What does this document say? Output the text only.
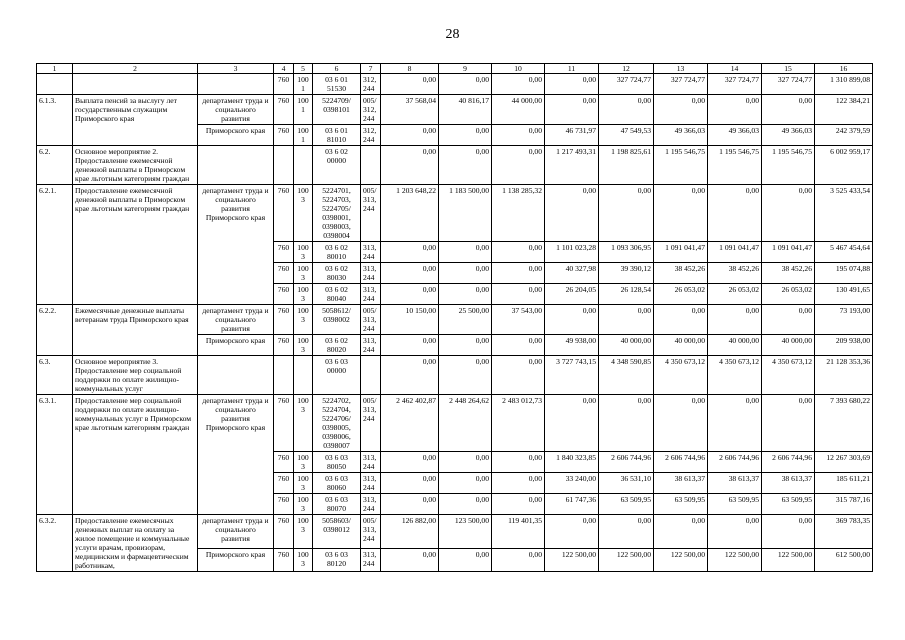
28
1	2	3	4	5	6	7	8	9	10	11	12	13	14	15	16
			760	1001	03 6 01 51530	312, 244	0,00	0,00	0,00	0,00	327 724,77	327 724,77	327 724,77	327 724,77	1 310 899,08
6.1.3.	Выплата пенсий за выслугу лет государственным служащим Приморского края	департамент труда и социального развития	760	1001	5224709/ 0398101	005/ 312, 244	37 568,04	40 816,17	44 000,00	0,00	0,00	0,00	0,00	0,00	122 384,21
		Приморского края	760	1001	03 6 01 81010	312, 244	0,00	0,00	0,00	46 731,97	47 549,53	49 366,03	49 366,03	49 366,03	242 379,59
6.2.	Основное мероприятие 2. Предоставление ежемесячной денежной выплаты в Приморском крае льготным категориям граждан				03 6 02 00000		0,00	0,00	0,00	1 217 493,31	1 198 825,61	1 195 546,75	1 195 546,75	1 195 546,75	6 002 959,17
6.2.1.	Предоставление ежемесячной денежной выплаты в Приморском крае льготным категориям граждан	департамент труда и социального развития Приморского края	760	1003	5224701, 5224703, 5224705/ 0398001, 0398003, 0398004	005/ 313, 244	1 203 648,22	1 183 500,00	1 138 285,32	0,00	0,00	0,00	0,00	0,00	3 525 433,54
			760	1003	03 6 02 80010	313, 244	0,00	0,00	0,00	1 101 023,28	1 093 306,95	1 091 041,47	1 091 041,47	1 091 041,47	5 467 454,64
			760	1003	03 6 02 80030	313, 244	0,00	0,00	0,00	40 327,98	39 390,12	38 452,26	38 452,26	38 452,26	195 074,88
			760	1003	03 6 02 80040	313, 244	0,00	0,00	0,00	26 204,05	26 128,54	26 053,02	26 053,02	26 053,02	130 491,65
6.2.2.	Ежемесячные денежные выплаты ветеранам труда Приморского края	департамент труда и социального развития	760	1003	5058612/ 0398002	005/ 313, 244	10 150,00	25 500,00	37 543,00	0,00	0,00	0,00	0,00	0,00	73 193,00
		Приморского края	760	1003	03 6 02 80020	313, 244	0,00	0,00	0,00	49 938,00	40 000,00	40 000,00	40 000,00	40 000,00	209 938,00
6.3.	Основное мероприятие 3. Предоставление мер социальной поддержки по оплате жилищно-коммунальных услуг				03 6 03 00000		0,00	0,00	0,00	3 727 743,15	4 348 590,85	4 350 673,12	4 350 673,12	4 350 673,12	21 128 353,36
6.3.1.	Предоставление мер социальной поддержки по оплате жилищно-коммунальных услуг в Приморском крае льготным категориям граждан	департамент труда и социального развития Приморского края	760	1003	5224702, 5224704, 5224706/ 0398005, 0398006, 0398007	005/ 313, 244	2 462 402,87	2 448 264,62	2 483 012,73	0,00	0,00	0,00	0,00	0,00	7 393 680,22
			760	1003	03 6 03 80050	313, 244	0,00	0,00	0,00	1 840 323,85	2 606 744,96	2 606 744,96	2 606 744,96	2 606 744,96	12 267 303,69
			760	1003	03 6 03 80060	313, 244	0,00	0,00	0,00	33 240,00	36 531,10	38 613,37	38 613,37	38 613,37	185 611,21
			760	1003	03 6 03 80070	313, 244	0,00	0,00	0,00	61 747,36	63 509,95	63 509,95	63 509,95	63 509,95	315 787,16
6.3.2.	Предоставление ежемесячных денежных выплат на оплату за жилое помещение и коммунальные услуги врачам, провизорам, медицинским и фармацевтическим работникам,	департамент труда и социального развития	760	1003	5058603/ 0398012	005/ 313, 244	126 882,00	123 500,00	119 401,35	0,00	0,00	0,00	0,00	0,00	369 783,35
		Приморского края	760	1003	03 6 03 80120	313, 244	0,00	0,00	0,00	122 500,00	122 500,00	122 500,00	122 500,00	122 500,00	612 500,00
